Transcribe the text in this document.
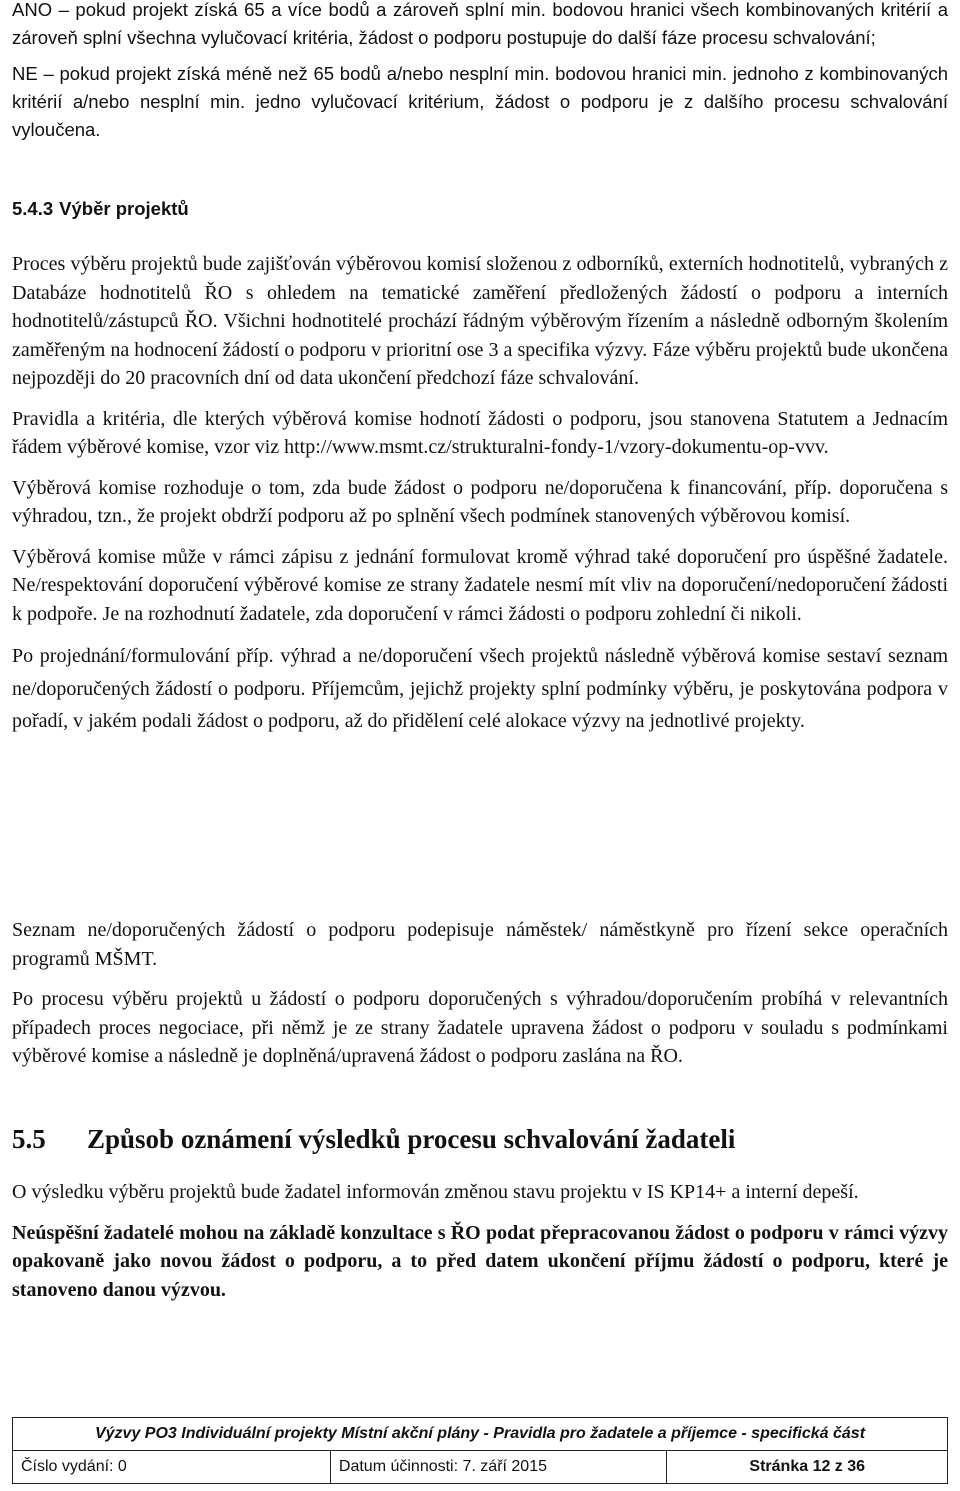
ANO – pokud projekt získá 65 a více bodů a zároveň splní min. bodovou hranici všech kombinovaných kritérií a zároveň splní všechna vylučovací kritéria, žádost o podporu postupuje do další fáze procesu schvalování;

NE – pokud projekt získá méně než 65 bodů a/nebo nesplní min. bodovou hranici min. jednoho z kombinovaných kritérií a/nebo nesplní min. jedno vylučovací kritérium, žádost o podporu je z dalšího procesu schvalování vyloučena.

5.4.3 Výběr projektů

Proces výběru projektů bude zajišťován výběrovou komisí složenou z odborníků, externích hodnotitelů, vybraných z Databáze hodnotitelů ŘO s ohledem na tematické zaměření předložených žádostí o podporu a interních hodnotitelů/zástupců ŘO. Všichni hodnotitelé prochází řádným výběrovým řízením a následně odborným školením zaměřeným na hodnocení žádostí o podporu v prioritní ose 3 a specifika výzvy. Fáze výběru projektů bude ukončena nejpozději do 20 pracovních dní od data ukončení předchozí fáze schvalování.

Pravidla a kritéria, dle kterých výběrová komise hodnotí žádosti o podporu, jsou stanovena Statutem a Jednacím řádem výběrové komise, vzor viz http://www.msmt.cz/strukturalni-fondy-1/vzory-dokumentu-op-vvv.

Výběrová komise rozhoduje o tom, zda bude žádost o podporu ne/doporučena k financování, příp. doporučena s výhradou, tzn., že projekt obdrží podporu až po splnění všech podmínek stanovených výběrovou komisí.

Výběrová komise může v rámci zápisu z jednání formulovat kromě výhrad také doporučení pro úspěšné žadatele. Ne/respektování doporučení výběrové komise ze strany žadatele nesmí mít vliv na doporučení/nedoporučení žádosti k podpoře. Je na rozhodnutí žadatele, zda doporučení v rámci žádosti o podporu zohlední či nikoli.

Po projednání/formulování příp. výhrad a ne/doporučení všech projektů následně výběrová komise sestaví seznam ne/doporučených žádostí o podporu. Příjemcům, jejichž projekty splní podmínky výběru, je poskytována podpora v pořadí, v jakém podali žádost o podporu, až do přidělení celé alokace výzvy na jednotlivé projekty.

Seznam ne/doporučených žádostí o podporu podepisuje náměstek/ náměstkyně pro řízení sekce operačních programů MŠMT.

Po procesu výběru projektů u žádostí o podporu doporučených s výhradou/doporučením probíhá v relevantních případech proces negociace, při němž je ze strany žadatele upravena žádost o podporu v souladu s podmínkami výběrové komise a následně je doplněná/upravená žádost o podporu zaslána na ŘO.

5.5 Způsob oznámení výsledků procesu schvalování žadateli

O výsledku výběru projektů bude žadatel informován změnou stavu projektu v IS KP14+ a interní depeší.

Neúspěšní žadatelé mohou na základě konzultace s ŘO podat přepracovanou žádost o podporu v rámci výzvy opakovaně jako novou žádost o podporu, a to před datem ukončení příjmu žádostí o podporu, které je stanoveno danou výzvou.

Výzvy PO3 Individuální projekty Místní akční plány - Pravidla pro žadatele a příjemce - specifická část
Číslo vydání: 0	Datum účinnosti: 7. září 2015	Stránka 12 z 36
